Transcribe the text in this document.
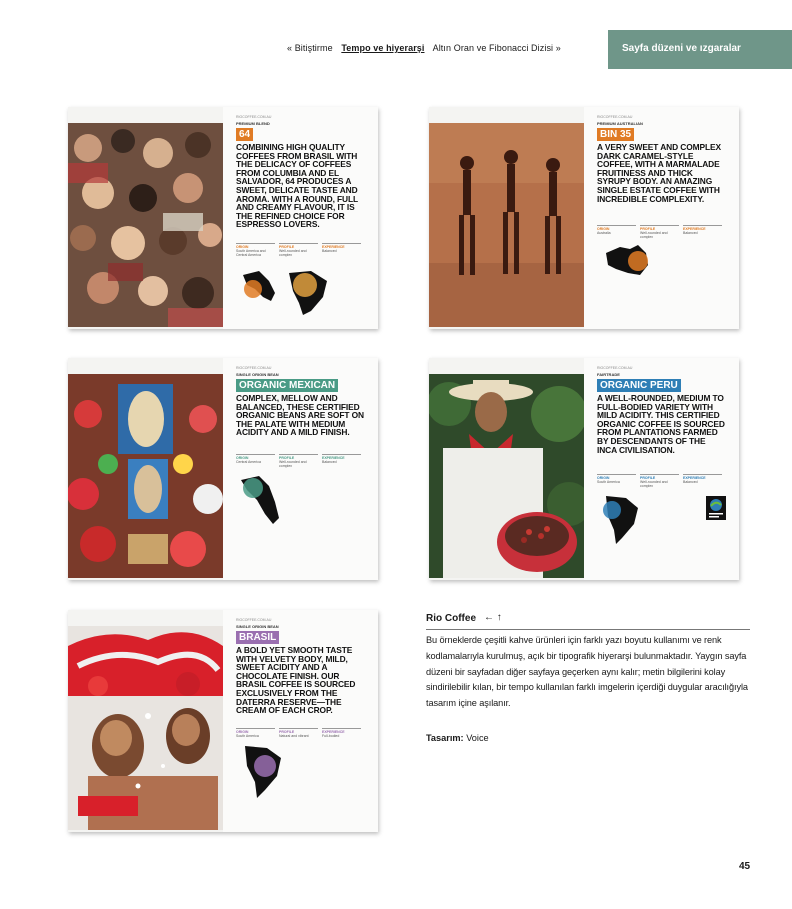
« Bitiştirme Tempo ve hiyerarşi Altın Oran ve Fibonacci Dizisi »	Sayfa düzeni ve ızgaralar
RIOCOFFEE.COM.AU
PREMIUM BLEND
64
COMBINING HIGH QUALITY COFFEES FROM BRASIL WITH THE DELICACY OF COFFEES FROM COLUMBIA AND EL SALVADOR, 64 PRODUCES A SWEET, DELICATE TASTE AND AROMA. WITH A ROUND, FULL AND CREAMY FLAVOUR, IT IS THE REFINED CHOICE FOR ESPRESSO LOVERS.
ORIGIN
South America and Central America
PROFILE
Well-rounded and complex
EXPERIENCE
Balanced
RIOCOFFEE.COM.AU
PREMIUM AUSTRALIAN
BIN 35
A VERY SWEET AND COMPLEX DARK CARAMEL-STYLE COFFEE, WITH A MARMALADE FRUITINESS AND THICK SYRUPY BODY. AN AMAZING SINGLE ESTATE COFFEE WITH INCREDIBLE COMPLEXITY.
ORIGIN
Australia
PROFILE
Well-rounded and complex
EXPERIENCE
Balanced
RIOCOFFEE.COM.AU
SINGLE ORIGIN BEAN
ORGANIC MEXICAN
COMPLEX, MELLOW AND BALANCED, THESE CERTIFIED ORGANIC BEANS ARE SOFT ON THE PALATE WITH MEDIUM ACIDITY AND A MILD FINISH.
ORIGIN
Central America
PROFILE
Well-rounded and complex
EXPERIENCE
Balanced
RIOCOFFEE.COM.AU
FAIRTRADE
ORGANIC PERU
A WELL-ROUNDED, MEDIUM TO FULL-BODIED VARIETY WITH MILD ACIDITY. THIS CERTIFIED ORGANIC COFFEE IS SOURCED FROM PLANTATIONS FARMED BY DESCENDANTS OF THE INCA CIVILISATION.
ORIGIN
South America
PROFILE
Well-rounded and complex
EXPERIENCE
Balanced
RIOCOFFEE.COM.AU
SINGLE ORIGIN BEAN
BRASIL
A BOLD YET SMOOTH TASTE WITH VELVETY BODY, MILD, SWEET ACIDITY AND A CHOCOLATE FINISH. OUR BRASIL COFFEE IS SOURCED EXCLUSIVELY FROM THE DATERRA RESERVE—THE CREAM OF EACH CROP.
ORIGIN
South America
PROFILE
Natural and vibrant
EXPERIENCE
Full-bodied
Rio Coffee ← ↑
Bu örneklerde çeşitli kahve ürünleri için farklı yazı boyutu kullanımı ve renk kodlamalarıyla kurulmuş, açık bir tipografik hiyerarşi bulunmaktadır. Yaygın sayfa düzeni bir sayfadan diğer sayfaya geçerken aynı kalır; metin bilgilerini kolay sindirilebilir kılan, bir tempo kullanılan farklı imgelerin içerdiği duygular aracılığıyla tasarım içine aşılanır.
Tasarım: Voice
45
